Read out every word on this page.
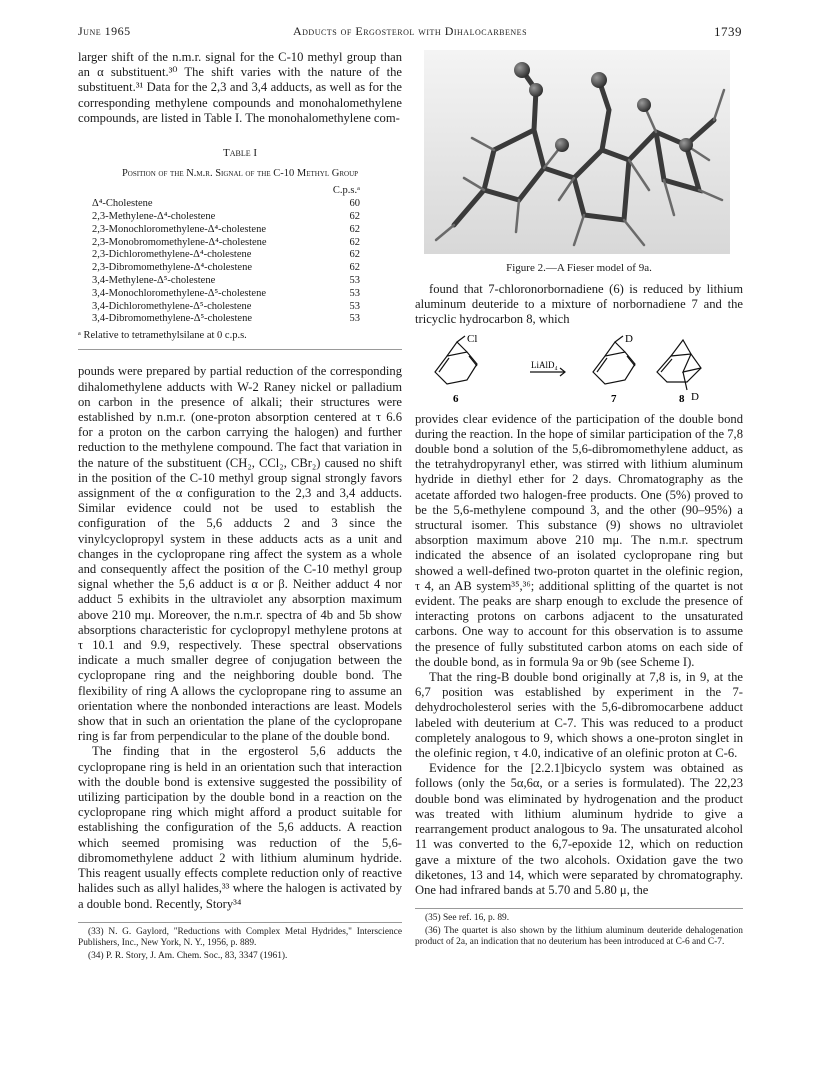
June 1965	Adducts of Ergosterol with Dihalocarbenes	1739

larger shift of the n.m.r. signal for the C-10 methyl group than an α substituent.³⁰ The shift varies with the nature of the substituent.³¹ Data for the 2,3 and 3,4 adducts, as well as for the corresponding methylene compounds and monohalomethylene compounds, are listed in Table I. The monohalomethylene com-

Table I
Position of the N.m.r. Signal of the C-10 Methyl Group
	C.p.s.ᵃ
Δ⁴-Cholestene	60
2,3-Methylene-Δ⁴-cholestene	62
2,3-Monochloromethylene-Δ⁴-cholestene	62
2,3-Monobromomethylene-Δ⁴-cholestene	62
2,3-Dichloromethylene-Δ⁴-cholestene	62
2,3-Dibromomethylene-Δ⁴-cholestene	62
3,4-Methylene-Δ⁵-cholestene	53
3,4-Monochloromethylene-Δ⁵-cholestene	53
3,4-Dichloromethylene-Δ⁵-cholestene	53
3,4-Dibromomethylene-Δ⁵-cholestene	53
ᵃ Relative to tetramethylsilane at 0 c.p.s.

pounds were prepared by partial reduction of the corresponding dihalomethylene adducts with W-2 Raney nickel or palladium on carbon in the presence of alkali; their structures were established by n.m.r. (one-proton absorption centered at τ 6.6 for a proton on the carbon carrying the halogen) and further reduction to the methylene compound. The fact that variation in the nature of the substituent (CH₂, CCl₂, CBr₂) caused no shift in the position of the C-10 methyl group signal strongly favors assignment of the α configuration to the 2,3 and 3,4 adducts. Similar evidence could not be used to establish the configuration of the 5,6 adducts 2 and 3 since the vinylcyclopropyl system in these adducts acts as a unit and changes in the cyclopropane ring affect the system as a whole and consequently affect the position of the C-10 methyl group signal whether the 5,6 adduct is α or β. Neither adduct 4 nor adduct 5 exhibits in the ultraviolet any absorption maximum above 210 mμ. Moreover, the n.m.r. spectra of 4b and 5b show absorptions characteristic for cyclopropyl methylene protons at τ 10.1 and 9.9, respectively. These spectral observations indicate a much smaller degree of conjugation between the cyclopropane ring and the neighboring double bond. The flexibility of ring A allows the cyclopropane ring to assume an orientation where the nonbonded interactions are least. Models show that in such an orientation the plane of the cyclopropane ring is far from perpendicular to the plane of the double bond.

The finding that in the ergosterol 5,6 adducts the cyclopropane ring is held in an orientation such that interaction with the double bond is extensive suggested the possibility of utilizing participation by the double bond in a reaction on the cyclopropane ring which might afford a product suitable for establishing the configuration of the 5,6 adducts. A reaction which seemed promising was reduction of the 5,6-dibromomethylene adduct 2 with lithium aluminum hydride. This reagent usually effects complete reduction only of reactive halides such as allyl halides,³³ where the halogen is activated by a double bond. Recently, Story³⁴

(33) N. G. Gaylord, "Reductions with Complex Metal Hydrides," Interscience Publishers, Inc., New York, N. Y., 1956, p. 889.

(34) P. R. Story, J. Am. Chem. Soc., 83, 3347 (1961).

Figure 2.—A Fieser model of 9a.

found that 7-chloronorbornadiene (6) is reduced by lithium aluminum deuteride to a mixture of norbornadiene 7 and the tricyclic hydrocarbon 8, which

Cl
LiAlD₄
D
D
6	7	8

provides clear evidence of the participation of the double bond during the reaction. In the hope of similar participation of the 7,8 double bond a solution of the 5,6-dibromomethylene adduct, as the tetrahydropyranyl ether, was stirred with lithium aluminum hydride in diethyl ether for 2 days. Chromatography as the acetate afforded two halogen-free products. One (5%) proved to be the 5,6-methylene compound 3, and the other (90–95%) a structural isomer. This substance (9) shows no ultraviolet absorption maximum above 210 mμ. The n.m.r. spectrum indicated the absence of an isolated cyclopropane ring but showed a well-defined two-proton quartet in the olefinic region, τ 4, an AB system³⁵,³⁶; additional splitting of the quartet is not evident. The peaks are sharp enough to exclude the presence of interacting protons on carbons adjacent to the unsaturated carbons. One way to account for this observation is to assume the presence of fully substituted carbon atoms on each side of the double bond, as in formula 9a or 9b (see Scheme I).

That the ring-B double bond originally at 7,8 is, in 9, at the 6,7 position was established by experiment in the 7-dehydrocholesterol series with the 5,6-dibromocarbene adduct labeled with deuterium at C-7. This was reduced to a product completely analogous to 9, which shows a one-proton singlet in the olefinic region, τ 4.0, indicative of an olefinic proton at C-6.

Evidence for the [2.2.1]bicyclo system was obtained as follows (only the 5α,6α, or a series is formulated). The 22,23 double bond was eliminated by hydrogenation and the product was treated with lithium aluminum hydride to give a rearrangement product analogous to 9a. The unsaturated alcohol 11 was converted to the 6,7-epoxide 12, which on reduction gave a mixture of the two alcohols. Oxidation gave the two diketones, 13 and 14, which were separated by chromatography. One had infrared bands at 5.70 and 5.80 μ, the

(35) See ref. 16, p. 89.

(36) The quartet is also shown by the lithium aluminum deuteride dehalogenation product of 2a, an indication that no deuterium has been introduced at C-6 and C-7.
